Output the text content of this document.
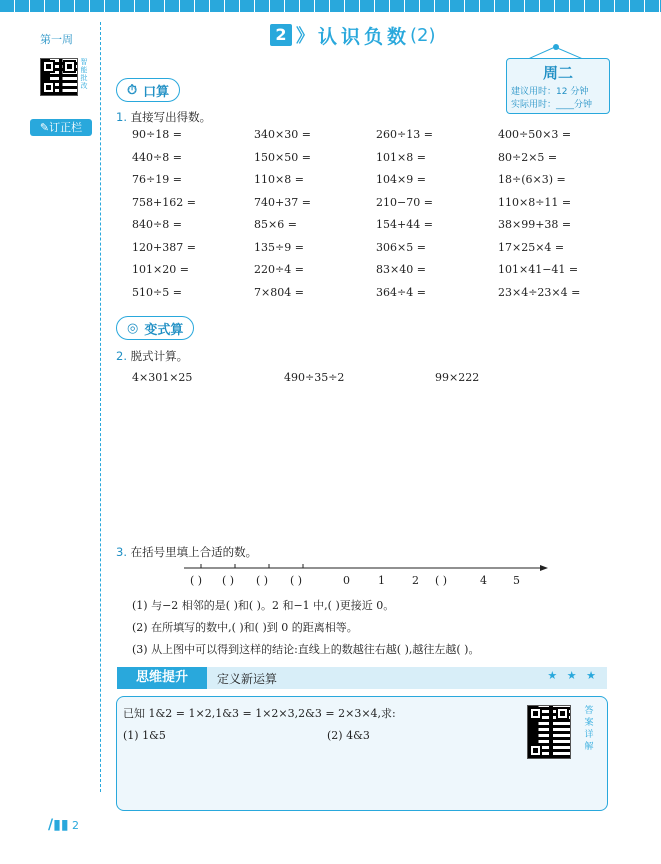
第一周
智能批改
✎订正栏
2 》 认识负数 (2)
周二
建议用时：12 分钟
实际用时：____分钟
⏱ 口算
1. 直接写出得数。
90÷18 =	340×30 =	260÷13 =	400÷50×3 =
440÷8 =	150×50 =	101×8 =	80÷2×5 =
76÷19 =	110×8 =	104×9 =	18÷(6×3) =
758+162 =	740+37 =	210−70 =	110×8÷11 =
840÷8 =	85×6 =	154+44 =	38×99+38 =
120+387 =	135÷9 =	306×5 =	17×25×4 =
101×20 =	220÷4 =	83×40 =	101×41−41 =
510÷5 =	7×804 =	364÷4 =	23×4÷23×4 =
◎ 变式算
2. 脱式计算。
4×301×25	490÷35÷2	99×222
3. 在括号里填上合适的数。
( ) ( ) ( ) ( )	0	1 2 ( )	4 5
(1) 与−2 相邻的是( )和( )。2 和−1 中,( )更接近 0。
(2) 在所填写的数中,( )和( )到 0 的距离相等。
(3) 从上图中可以得到这样的结论:直线上的数越往右越( ),越往左越( )。
思维提升	定义新运算	★ ★ ★
已知 1&2 = 1×2,1&3 = 1×2×3,2&3 = 2×3×4,求:
(1) 1&5	(2) 4&3
答案详解
/▮▮ 2
